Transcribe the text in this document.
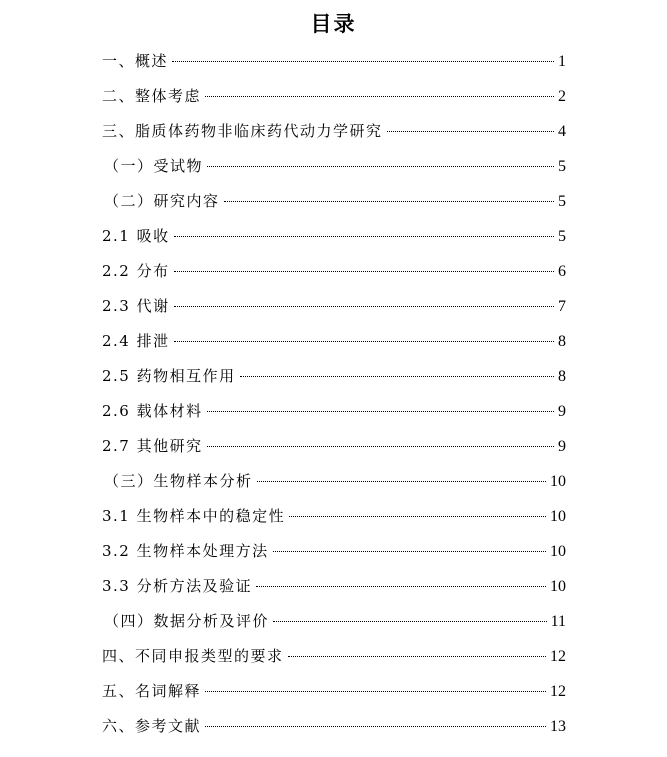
目录
一、概述	1
二、整体考虑	2
三、脂质体药物非临床药代动力学研究	4
（一）受试物	5
（二）研究内容	5
2.1 吸收	5
2.2 分布	6
2.3 代谢	7
2.4 排泄	8
2.5 药物相互作用	8
2.6 载体材料	9
2.7 其他研究	9
（三）生物样本分析	10
3.1 生物样本中的稳定性	10
3.2 生物样本处理方法	10
3.3 分析方法及验证	10
（四）数据分析及评价	11
四、不同申报类型的要求	12
五、名词解释	12
六、参考文献	13
